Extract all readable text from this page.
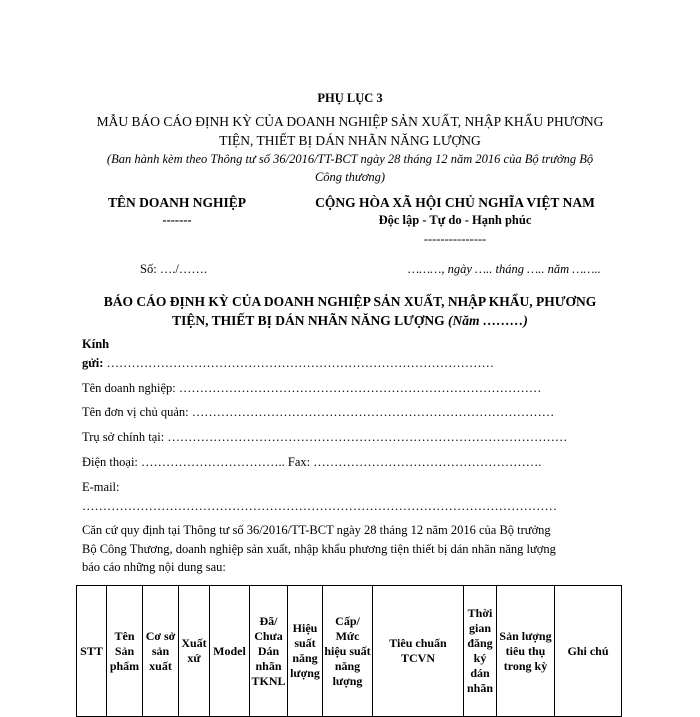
PHỤ LỤC 3
MẪU BÁO CÁO ĐỊNH KỲ CỦA DOANH NGHIỆP SẢN XUẤT, NHẬP KHẨU PHƯƠNG
TIỆN, THIẾT BỊ DÁN NHÃN NĂNG LƯỢNG
(Ban hành kèm theo Thông tư số 36/2016/TT-BCT ngày 28 tháng 12 năm 2016 của Bộ trưởng Bộ
Công thương)
TÊN DOANH NGHIỆP
-------
Số: …./…….
CỘNG HÒA XÃ HỘI CHỦ NGHĨA VIỆT NAM
Độc lập - Tự do - Hạnh phúc
---------------
………, ngày ….. tháng ….. năm ……..
BÁO CÁO ĐỊNH KỲ CỦA DOANH NGHIỆP SẢN XUẤT, NHẬP KHẨU, PHƯƠNG
TIỆN, THIẾT BỊ DÁN NHÃN NĂNG LƯỢNG (Năm ………)
Kính
gửi: …………………………………………………………………………………
Tên doanh nghiệp: ……………………………………………………………………………
Tên đơn vị chủ quản: ……………………………………………………………………………
Trụ sở chính tại: ……………………………………………………………………………………
Điện thoại: …………………………….. Fax: ……………………………………………….
E-mail:
……………………………………………………………………………………………………
Căn cứ quy định tại Thông tư số 36/2016/TT-BCT ngày 28 tháng 12 năm 2016 của Bộ trưởng
Bộ Công Thương, doanh nghiệp sản xuất, nhập khẩu phương tiện thiết bị dán nhãn năng lượng
báo cáo những nội dung sau:
STT	Tên Sản phẩm	Cơ sở sản xuất	Xuất xứ	Model	Đã/ Chưa Dán nhãn TKNL	Hiệu suất năng lượng	Cấp/ Mức hiệu suất năng lượng	Tiêu chuẩn TCVN	Thời gian đăng ký dán nhãn	Sản lượng tiêu thụ trong kỳ	Ghi chú
